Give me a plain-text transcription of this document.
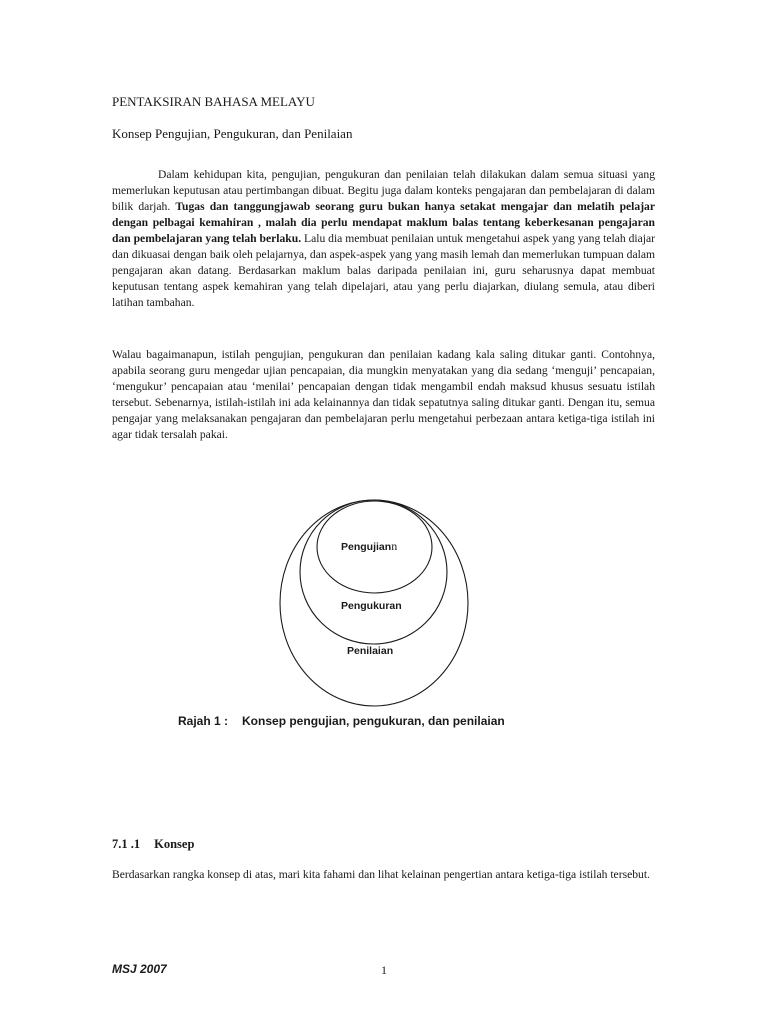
PENTAKSIRAN BAHASA MELAYU
Konsep Pengujian, Pengukuran, dan Penilaian
Dalam kehidupan kita, pengujian, pengukuran dan penilaian telah dilakukan dalam semua situasi yang memerlukan keputusan atau pertimbangan dibuat. Begitu juga dalam konteks pengajaran dan pembelajaran di dalam bilik darjah. Tugas dan tanggungjawab seorang guru bukan hanya setakat mengajar dan melatih pelajar dengan pelbagai kemahiran , malah dia perlu mendapat maklum balas tentang keberkesanan pengajaran dan pembelajaran yang telah berlaku. Lalu dia membuat penilaian untuk mengetahui aspek yang yang telah diajar dan dikuasai dengan baik oleh pelajarnya, dan aspek-aspek yang yang masih lemah dan memerlukan tumpuan dalam pengajaran akan datang. Berdasarkan maklum balas daripada penilaian ini, guru seharusnya dapat membuat keputusan tentang aspek kemahiran yang telah dipelajari, atau yang perlu diajarkan, diulang semula, atau diberi latihan tambahan.
Walau bagaimanapun, istilah pengujian, pengukuran dan penilaian kadang kala saling ditukar ganti. Contohnya, apabila seorang guru mengedar ujian pencapaian, dia mungkin menyatakan yang dia sedang ‘menguji’ pencapaian, ‘mengukur’ pencapaian atau ‘menilai’ pencapaian dengan tidak mengambil endah maksud khusus sesuatu istilah tersebut. Sebenarnya, istilah-istilah ini ada kelainannya dan tidak sepatutnya saling ditukar ganti. Dengan itu, semua pengajar yang melaksanakan pengajaran dan pembelajaran perlu mengetahui perbezaan antara ketiga-tiga istilah ini agar tidak tersalah pakai.
Pengujiann
Pengukuran
Penilaian
Rajah 1 : Konsep pengujian, pengukuran, dan penilaian
7.1 .1 Konsep
Berdasarkan rangka konsep di atas, mari kita fahami dan lihat kelainan pengertian antara ketiga-tiga istilah tersebut.
MSJ 2007	1
